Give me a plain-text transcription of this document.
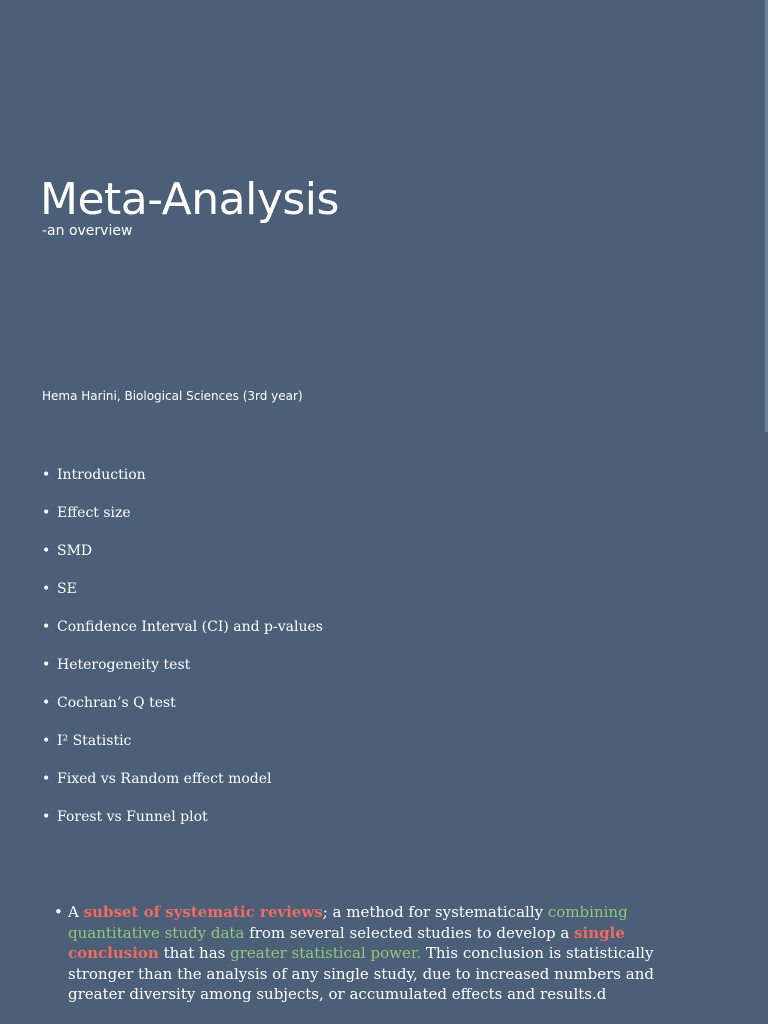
Meta-Analysis
-an overview
Hema Harini, Biological Sciences (3rd year)
• Introduction
• Effect size
• SMD
• SE
• Confidence Interval (CI) and p-values
• Heterogeneity test
• Cochran’s Q test
• I² Statistic
• Fixed vs Random effect model
• Forest vs Funnel plot
• A subset of systematic reviews; a method for systematically combining quantitative study data from several selected studies to develop a single conclusion that has greater statistical power. This conclusion is statistically stronger than the analysis of any single study, due to increased numbers and greater diversity among subjects, or accumulated effects and results.d
